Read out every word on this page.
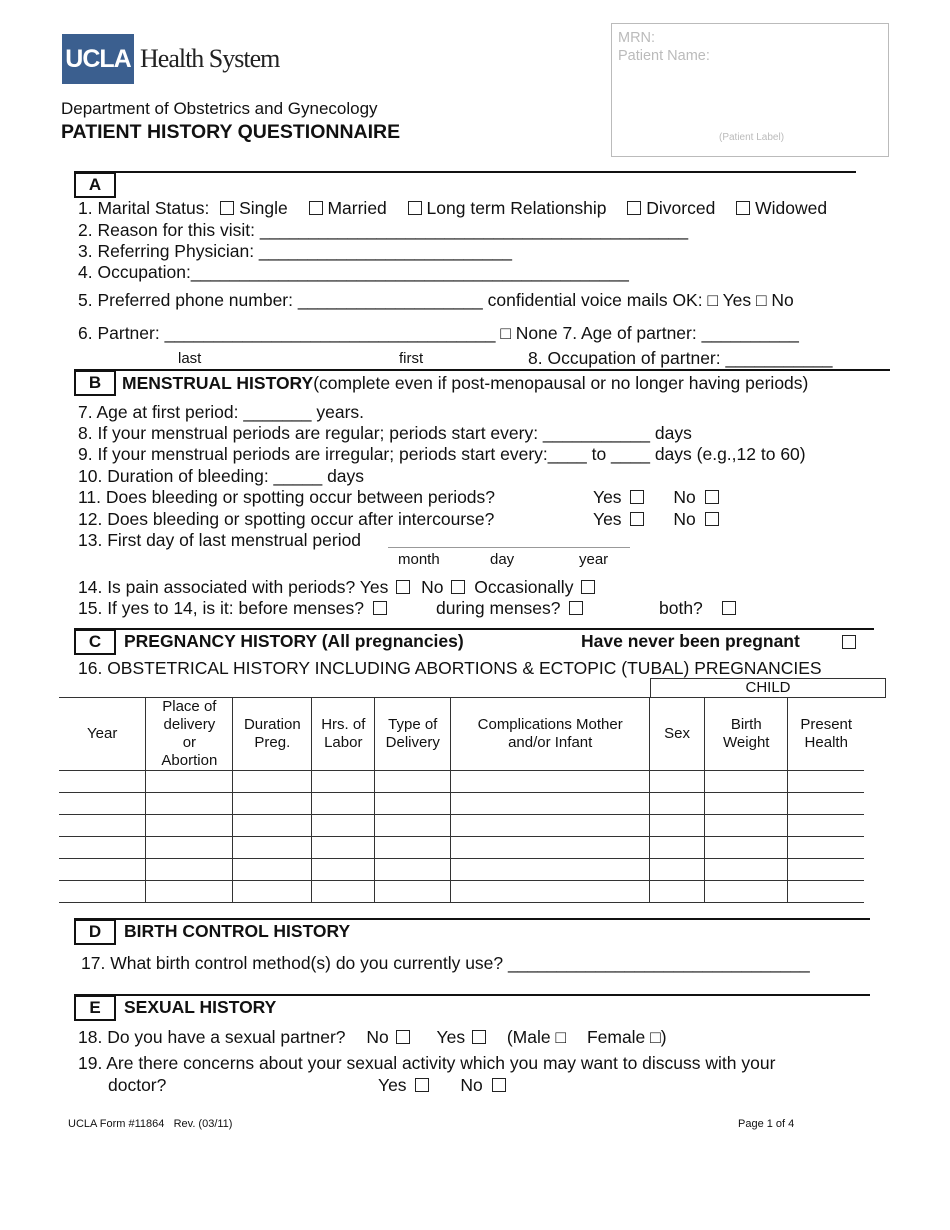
UCLA Health System
Department of Obstetrics and Gynecology
PATIENT HISTORY QUESTIONNAIRE
MRN:
Patient Name:
(Patient Label)
A
1. Marital Status: Single Married Long term Relationship Divorced Widowed
2. Reason for this visit: ____________________________________________
3. Referring Physician: __________________________
4. Occupation:_____________________________________________
5. Preferred phone number: ___________________ confidential voice mails OK: □ Yes □ No
6. Partner: __________________________________ □ None 7. Age of partner: __________
last	first	8. Occupation of partner: ___________
B	MENSTRUAL HISTORY(complete even if post-menopausal or no longer having periods)
7. Age at first period: _______ years.
8. If your menstrual periods are regular; periods start every: ___________ days
9. If your menstrual periods are irregular; periods start every:____ to ____ days (e.g.,12 to 60)
10. Duration of bleeding: _____ days
11. Does bleeding or spotting occur between periods?	Yes	No
12. Does bleeding or spotting occur after intercourse?	Yes	No
13. First day of last menstrual period
month	day	year
14. Is pain associated with periods? Yes No Occasionally
15. If yes to 14, is it: before menses?	during menses?	both?
C	PREGNANCY HISTORY (All pregnancies)	Have never been pregnant
16. OBSTETRICAL HISTORY INCLUDING ABORTIONS & ECTOPIC (TUBAL) PREGNANCIES
CHILD
Year	Place of delivery or Abortion	Duration Preg.	Hrs. of Labor	Type of Delivery	Complications Mother and/or Infant	Sex	Birth Weight	Present Health

D	BIRTH CONTROL HISTORY
17. What birth control method(s) do you currently use? _______________________________
E	SEXUAL HISTORY
18. Do you have a sexual partner? No	Yes (Male □ Female □)
19. Are there concerns about your sexual activity which you may want to discuss with your
doctor?	Yes	No
UCLA Form #11864   Rev. (03/11)	Page 1 of 4
